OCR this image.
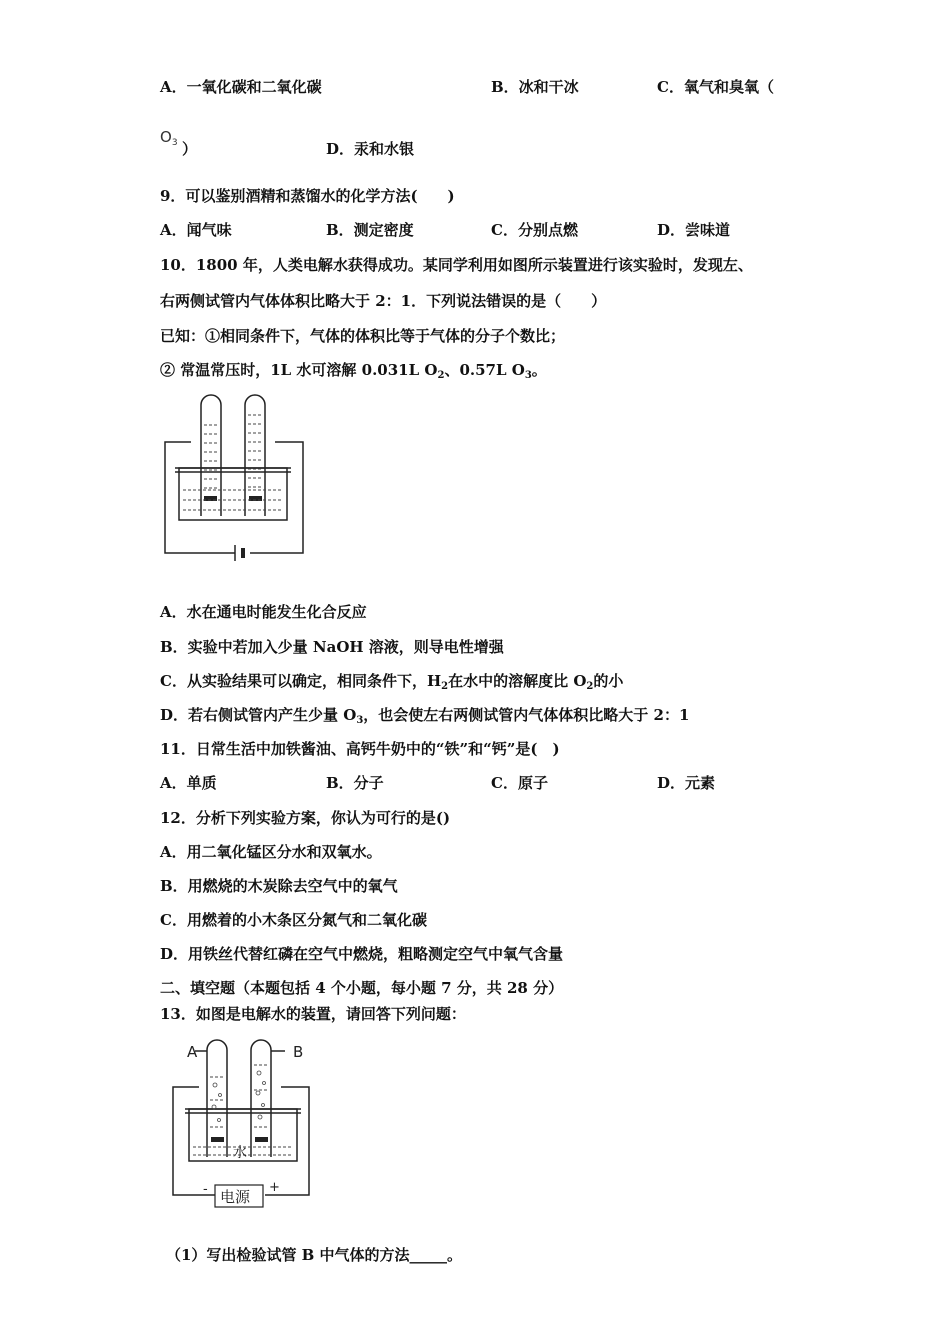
A．一氧化碳和二氧化碳	B．冰和干冰	C．氧气和臭氧（
$O_3$ ）	D．汞和水银
9．可以鉴别酒精和蒸馏水的化学方法(　　)
A．闻气味	B．测定密度	C．分别点燃	D．尝味道
10．1800 年，人类电解水获得成功。某同学利用如图所示装置进行该实验时，发现左、
右两侧试管内气体体积比略大于 2：1．下列说法错误的是（　　）
已知：①相同条件下，气体的体积比等于气体的分子个数比；
② 常温常压时，1L 水可溶解 0.031L $O_2$、0.57L $O_3$。
A．水在通电时能发生化合反应
B．实验中若加入少量 NaOH 溶液，则导电性增强
C．从实验结果可以确定，相同条件下，$H_2$在水中的溶解度比 $O_2$的小
D．若右侧试管内产生少量 $O_3$，也会使左右两侧试管内气体体积比略大于 2：1
11．日常生活中加铁酱油、高钙牛奶中的“铁”和“钙”是(　)
A．单质	B．分子	C．原子	D．元素
12．分析下列实验方案，你认为可行的是()
A．用二氧化锰区分水和双氧水。
B．用燃烧的木炭除去空气中的氧气
C．用燃着的小木条区分氮气和二氧化碳
D．用铁丝代替红磷在空气中燃烧，粗略测定空气中氧气含量
二、填空题（本题包括 4 个小题，每小题 7 分，共 28 分）
13．如图是电解水的装置，请回答下列问题：
A	B
水
电源
-	+
（1）写出检验试管 B 中气体的方法_____。
